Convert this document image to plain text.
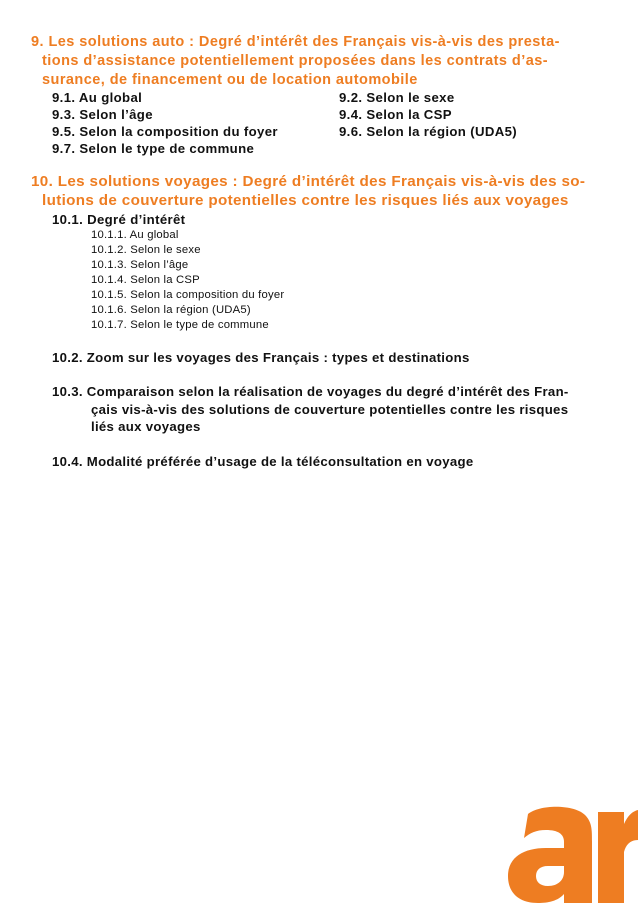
9. Les solutions auto : Degré d’intérêt des Français vis-à-vis des presta-
tions d’assistance potentiellement proposées dans les contrats d’as-
surance, de financement ou de location automobile
9.1. Au global	9.2. Selon le sexe
9.3. Selon l’âge	9.4. Selon la CSP
9.5. Selon la composition du foyer	9.6. Selon la région (UDA5)
9.7. Selon le type de commune
10. Les solutions voyages : Degré d’intérêt des Français vis-à-vis des so-
lutions de couverture potentielles contre les risques liés aux voyages
10.1. Degré d’intérêt
10.1.1. Au global
10.1.2. Selon le sexe
10.1.3. Selon l’âge
10.1.4. Selon la CSP
10.1.5. Selon la composition du foyer
10.1.6. Selon la région (UDA5)
10.1.7. Selon le type de commune
10.2. Zoom sur les voyages des Français : types et destinations
10.3. Comparaison selon la réalisation de voyages du degré d’intérêt des Fran-
çais vis-à-vis des solutions de couverture potentielles contre les risques
liés aux voyages
10.4. Modalité préférée d’usage de la téléconsultation en voyage
